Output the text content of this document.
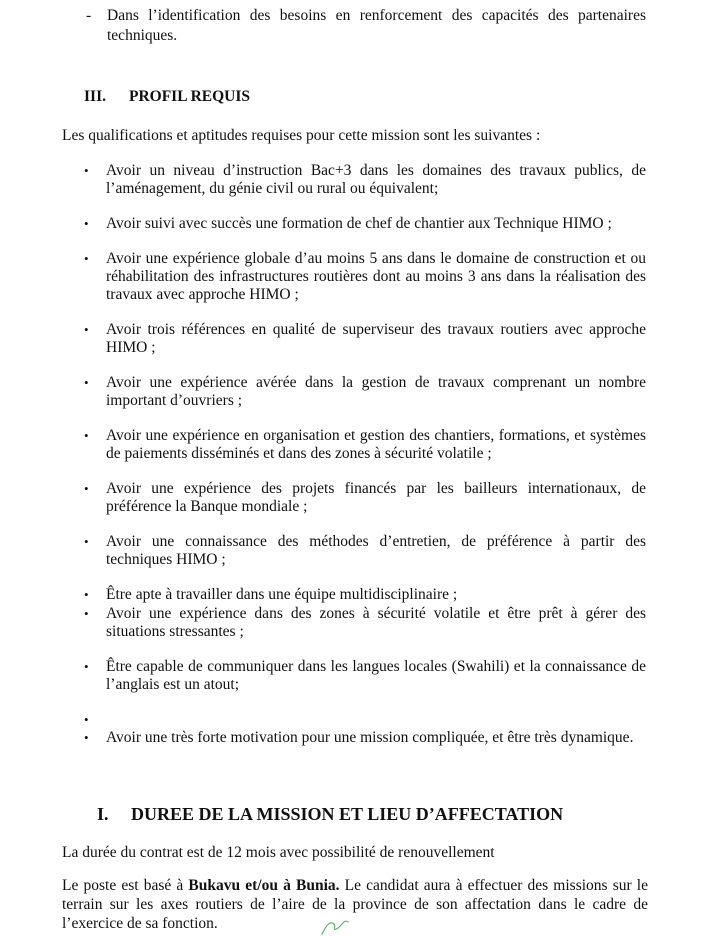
- Dans l’identification des besoins en renforcement des capacités des partenaires techniques.
III. PROFIL REQUIS
Les qualifications et aptitudes requises pour cette mission sont les suivantes :
• Avoir un niveau d’instruction Bac+3 dans les domaines des travaux publics, de l’aménagement, du génie civil ou rural ou équivalent;
• Avoir suivi avec succès une formation de chef de chantier aux Technique HIMO ;
• Avoir une expérience globale d’au moins 5 ans dans le domaine de construction et ou réhabilitation des infrastructures routières dont au moins 3 ans dans la réalisation des travaux avec approche HIMO ;
• Avoir trois références en qualité de superviseur des travaux routiers avec approche HIMO ;
• Avoir une expérience avérée dans la gestion de travaux comprenant un nombre important d’ouvriers ;
• Avoir une expérience en organisation et gestion des chantiers, formations, et systèmes de paiements disséminés et dans des zones à sécurité volatile ;
• Avoir une expérience des projets financés par les bailleurs internationaux, de préférence la Banque mondiale ;
• Avoir une connaissance des méthodes d’entretien, de préférence à partir des techniques HIMO ;
• Être apte à travailler dans une équipe multidisciplinaire ;
• Avoir une expérience dans des zones à sécurité volatile et être prêt à gérer des situations stressantes ;
• Être capable de communiquer dans les langues locales (Swahili) et la connaissance de l’anglais est un atout;
•

• Avoir une très forte motivation pour une mission compliquée, et être très dynamique.
I. DUREE DE LA MISSION ET LIEU D’AFFECTATION
La durée du contrat est de 12 mois avec possibilité de renouvellement
Le poste est basé à Bukavu et/ou à Bunia. Le candidat aura à effectuer des missions sur le terrain sur les axes routiers de l’aire de la province de son affectation dans le cadre de l’exercice de sa fonction.
